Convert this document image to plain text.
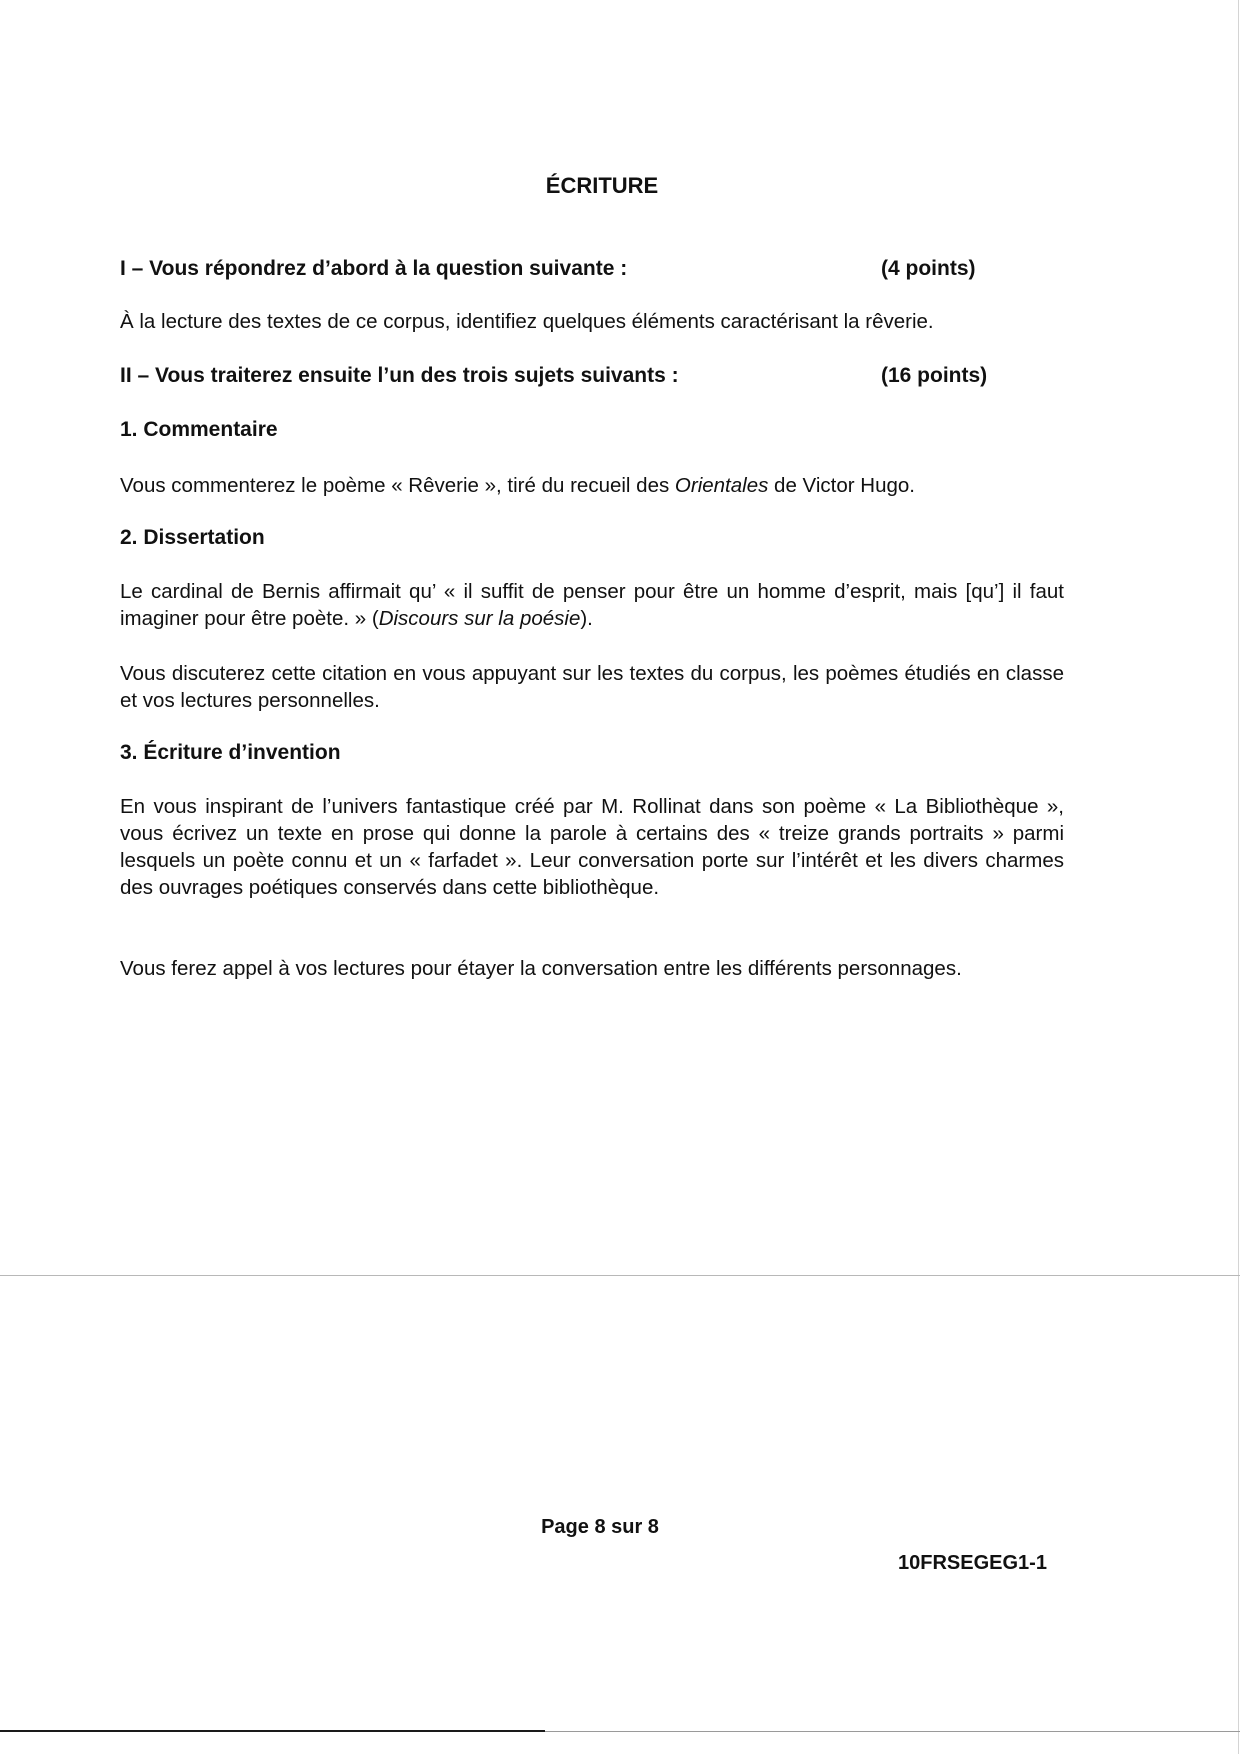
ÉCRITURE
I – Vous répondrez d’abord à la question suivante :	(4 points)
À la lecture des textes de ce corpus, identifiez quelques éléments caractérisant la rêverie.
II – Vous traiterez ensuite l’un des trois sujets suivants :	(16 points)
1. Commentaire
Vous commenterez le poème « Rêverie », tiré du recueil des Orientales de Victor Hugo.
2. Dissertation
Le cardinal de Bernis affirmait qu’ « il suffit de penser pour être un homme d’esprit, mais [qu’] il faut imaginer pour être poète. » (Discours sur la poésie).
Vous discuterez cette citation en vous appuyant sur les textes du corpus, les poèmes étudiés en classe et vos lectures personnelles.
3. Écriture d’invention
En vous inspirant de l’univers fantastique créé par M. Rollinat dans son poème « La Bibliothèque », vous écrivez un texte en prose qui donne la parole à certains des « treize grands portraits » parmi lesquels un poète connu et un « farfadet ». Leur conversation porte sur l’intérêt et les divers charmes des ouvrages poétiques conservés dans cette bibliothèque.
Vous ferez appel à vos lectures pour étayer la conversation entre les différents personnages.
Page 8 sur 8
10FRSEGEG1-1
